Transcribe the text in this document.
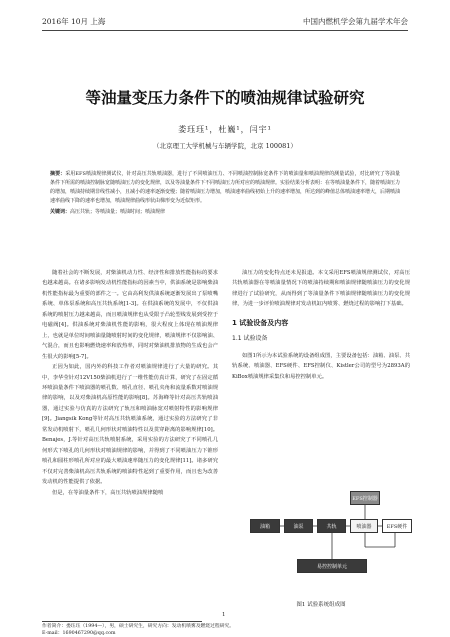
2016年 10月 上海	中国内燃机学会第九届学术年会
等油量变压力条件下的喷油规律试验研究
娄珏珏¹，杜巍¹，闫宇¹
（北京理工大学机械与车辆学院，北京 100081）
摘要：采用EFS喷油规律测试仪，针对高压共轨喷油器，进行了不同喷油压力、不同喷油控制脉宽条件下的喷油量和喷油规律的测量试验，对比研究了等油量条件下所需的喷油控制脉宽随喷油压力的变化规律，以及等油量条件下不同喷油压力所对应的喷油规律。实验结果分析表明：在等喷油量条件下，随着喷油压力的增加，喷油持续期非线性减小，且减小的速率逐渐变慢；随着喷油压力增加，喷油速率曲线初始上升的速率增加，所达到的峰值总体喷油速率增大，后期喷油速率曲线下降的速率也增加，喷油规律曲线形状由梯形变为近似矩形。
关键词：高压共轨；等喷油量；喷油时间；喷油规律

随着社会的不断发展，对柴油机动力性、经济性和排放性能指标的要求也越来越高。在诸多影响发动机性能指标的因素当中，供油系统是影响柴油机性能指标最为重要的部件之一。它由高利发供油系统逐渐发展出了泵喷嘴系统、单体泵系统和高压共轨系统[1-3]。在供油系统的发展中，不仅供油系统的喷射压力越来越高，而且喷油规律也从受限于凸轮型线发展到受控于电磁阀[4]。供油系统对柴油机性能的影响，很大程度上体现在喷油规律上，也就是单位时间喷油量随喷射时间的变化规律，喷油规律不仅影响油、气混合，而且也影响燃烧速率和放热率，同时对柴油机排放物的生成也会产生很大的影响[5-7]。

正因为如此，国内外的科技工作者对喷油规律进行了大量的研究。其中，李华莹针对12V150柴油机进行了一维性能仿真计算，研究了在固定循环喷油量条件下喷油器的喷孔数、喷孔直径、喷孔夹角和流量系数对喷油规律的影响，以及对柴油机高原性能的影响[8]。苏海峰等针对高压共轨喷油器，通过实验与仿真的方法研究了轨压和喷油脉宽对喷射特性的影响规律[9]。Jiangsik Kong等针对高压共轨喷油系统，通过实验的方法研究了非常发动机喷射下，喷孔几何形状对喷油特性以及贯穿距离的影响规律[10]。Benajes，J.等针对高压共轨喷射系统，采用实验的方法研究了不同喷孔几何形式下喷孔的几何形状对喷油规律的影响，并得到了不同喷油压力下锥形喷孔和圆柱形喷孔所对应的最大喷油速率随压力的变化规律[11]。诸多研究不仅对完善柴油机高压共轨系统的喷油特性起到了重要作用，而且也为改善发动机的性能提供了依据。

但是，在等油量条件下，高压共轨喷油规律随喷

油压力的变化特点还未见报道。本文采用EFS喷油规律测试仪，对高压共轨喷油器在等喷油量情况下的喷油持续期和喷油规律随喷油压力的变化规律进行了试验研究，从而得到了等油量条件下喷油规律随喷油压力的变化规律，为进一步评价喷油规律对发动机缸内喷雾、燃烧过程的影响打下基础。

1 试验设备及内容
1.1 试验设备

如图1所示为本试验系统的设备组成图，主要设备包括：油箱、油泵、共轨系统、喷油器、EFS硬件、EFS控制仪、Kistler公司的型号为2893A的KiBox喷油规律采集仪和易控控制单元。

EFS控制器
油箱	油泵	共轨	喷油器	EFS硬件
易控控制单元
图1 试验系统组成图
1
作者简介：娄珏珏（1994—），男，硕士研究生，研究方向：发动机喷雾及燃烧过程研究。
E-mail：1690467290@qq.com
